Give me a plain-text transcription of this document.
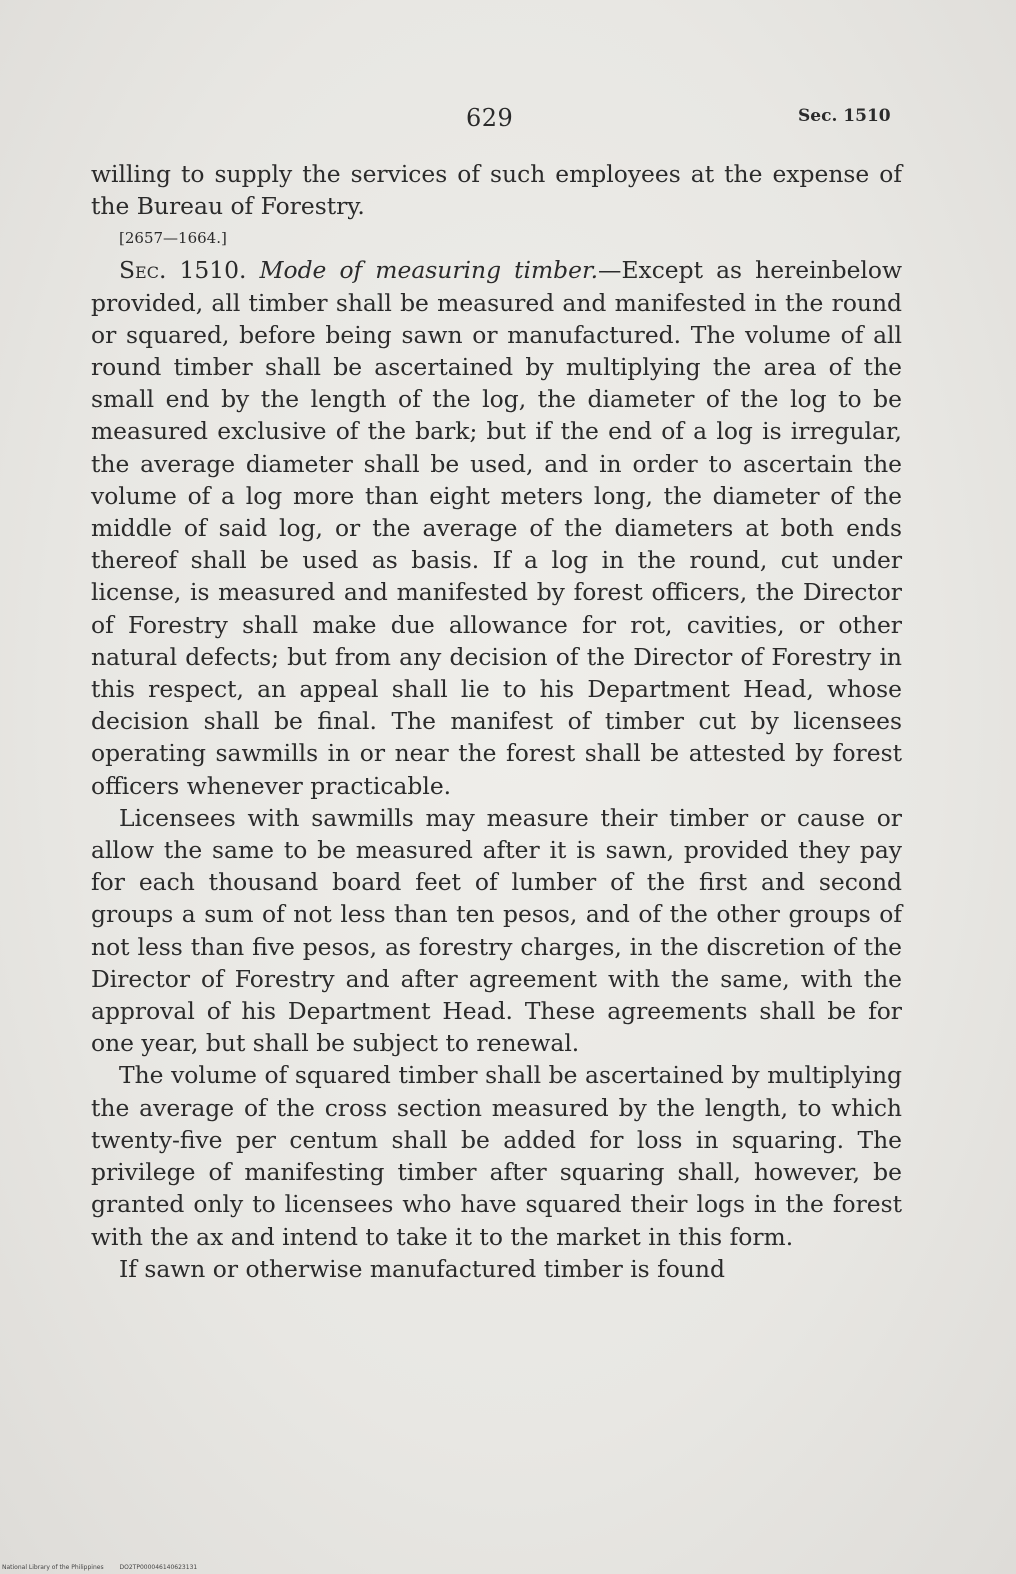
629	Sec. 1510

willing to supply the services of such employees at the expense of the Bureau of Forestry.

[2657—1664.]

Sec. 1510. Mode of measuring timber.—Except as hereinbelow provided, all timber shall be measured and manifested in the round or squared, before being sawn or manufactured. The volume of all round timber shall be ascertained by multiplying the area of the small end by the length of the log, the diameter of the log to be measured exclusive of the bark; but if the end of a log is irregular, the average diameter shall be used, and in order to ascertain the volume of a log more than eight meters long, the diameter of the middle of said log, or the average of the diameters at both ends thereof shall be used as basis. If a log in the round, cut under license, is measured and manifested by forest officers, the Director of Forestry shall make due allowance for rot, cavities, or other natural defects; but from any decision of the Director of Forestry in this respect, an appeal shall lie to his Department Head, whose decision shall be final. The manifest of timber cut by licensees operating sawmills in or near the forest shall be attested by forest officers whenever practicable.

Licensees with sawmills may measure their timber or cause or allow the same to be measured after it is sawn, provided they pay for each thousand board feet of lumber of the first and second groups a sum of not less than ten pesos, and of the other groups of not less than five pesos, as forestry charges, in the discretion of the Director of Forestry and after agreement with the same, with the approval of his Department Head. These agreements shall be for one year, but shall be subject to renewal.

The volume of squared timber shall be ascertained by multiplying the average of the cross section measured by the length, to which twenty-five per centum shall be added for loss in squaring. The privilege of manifesting timber after squaring shall, however, be granted only to licensees who have squared their logs in the forest with the ax and intend to take it to the market in this form.

If sawn or otherwise manufactured timber is found

National Library of the Philippines	DO2TP000046140623131
